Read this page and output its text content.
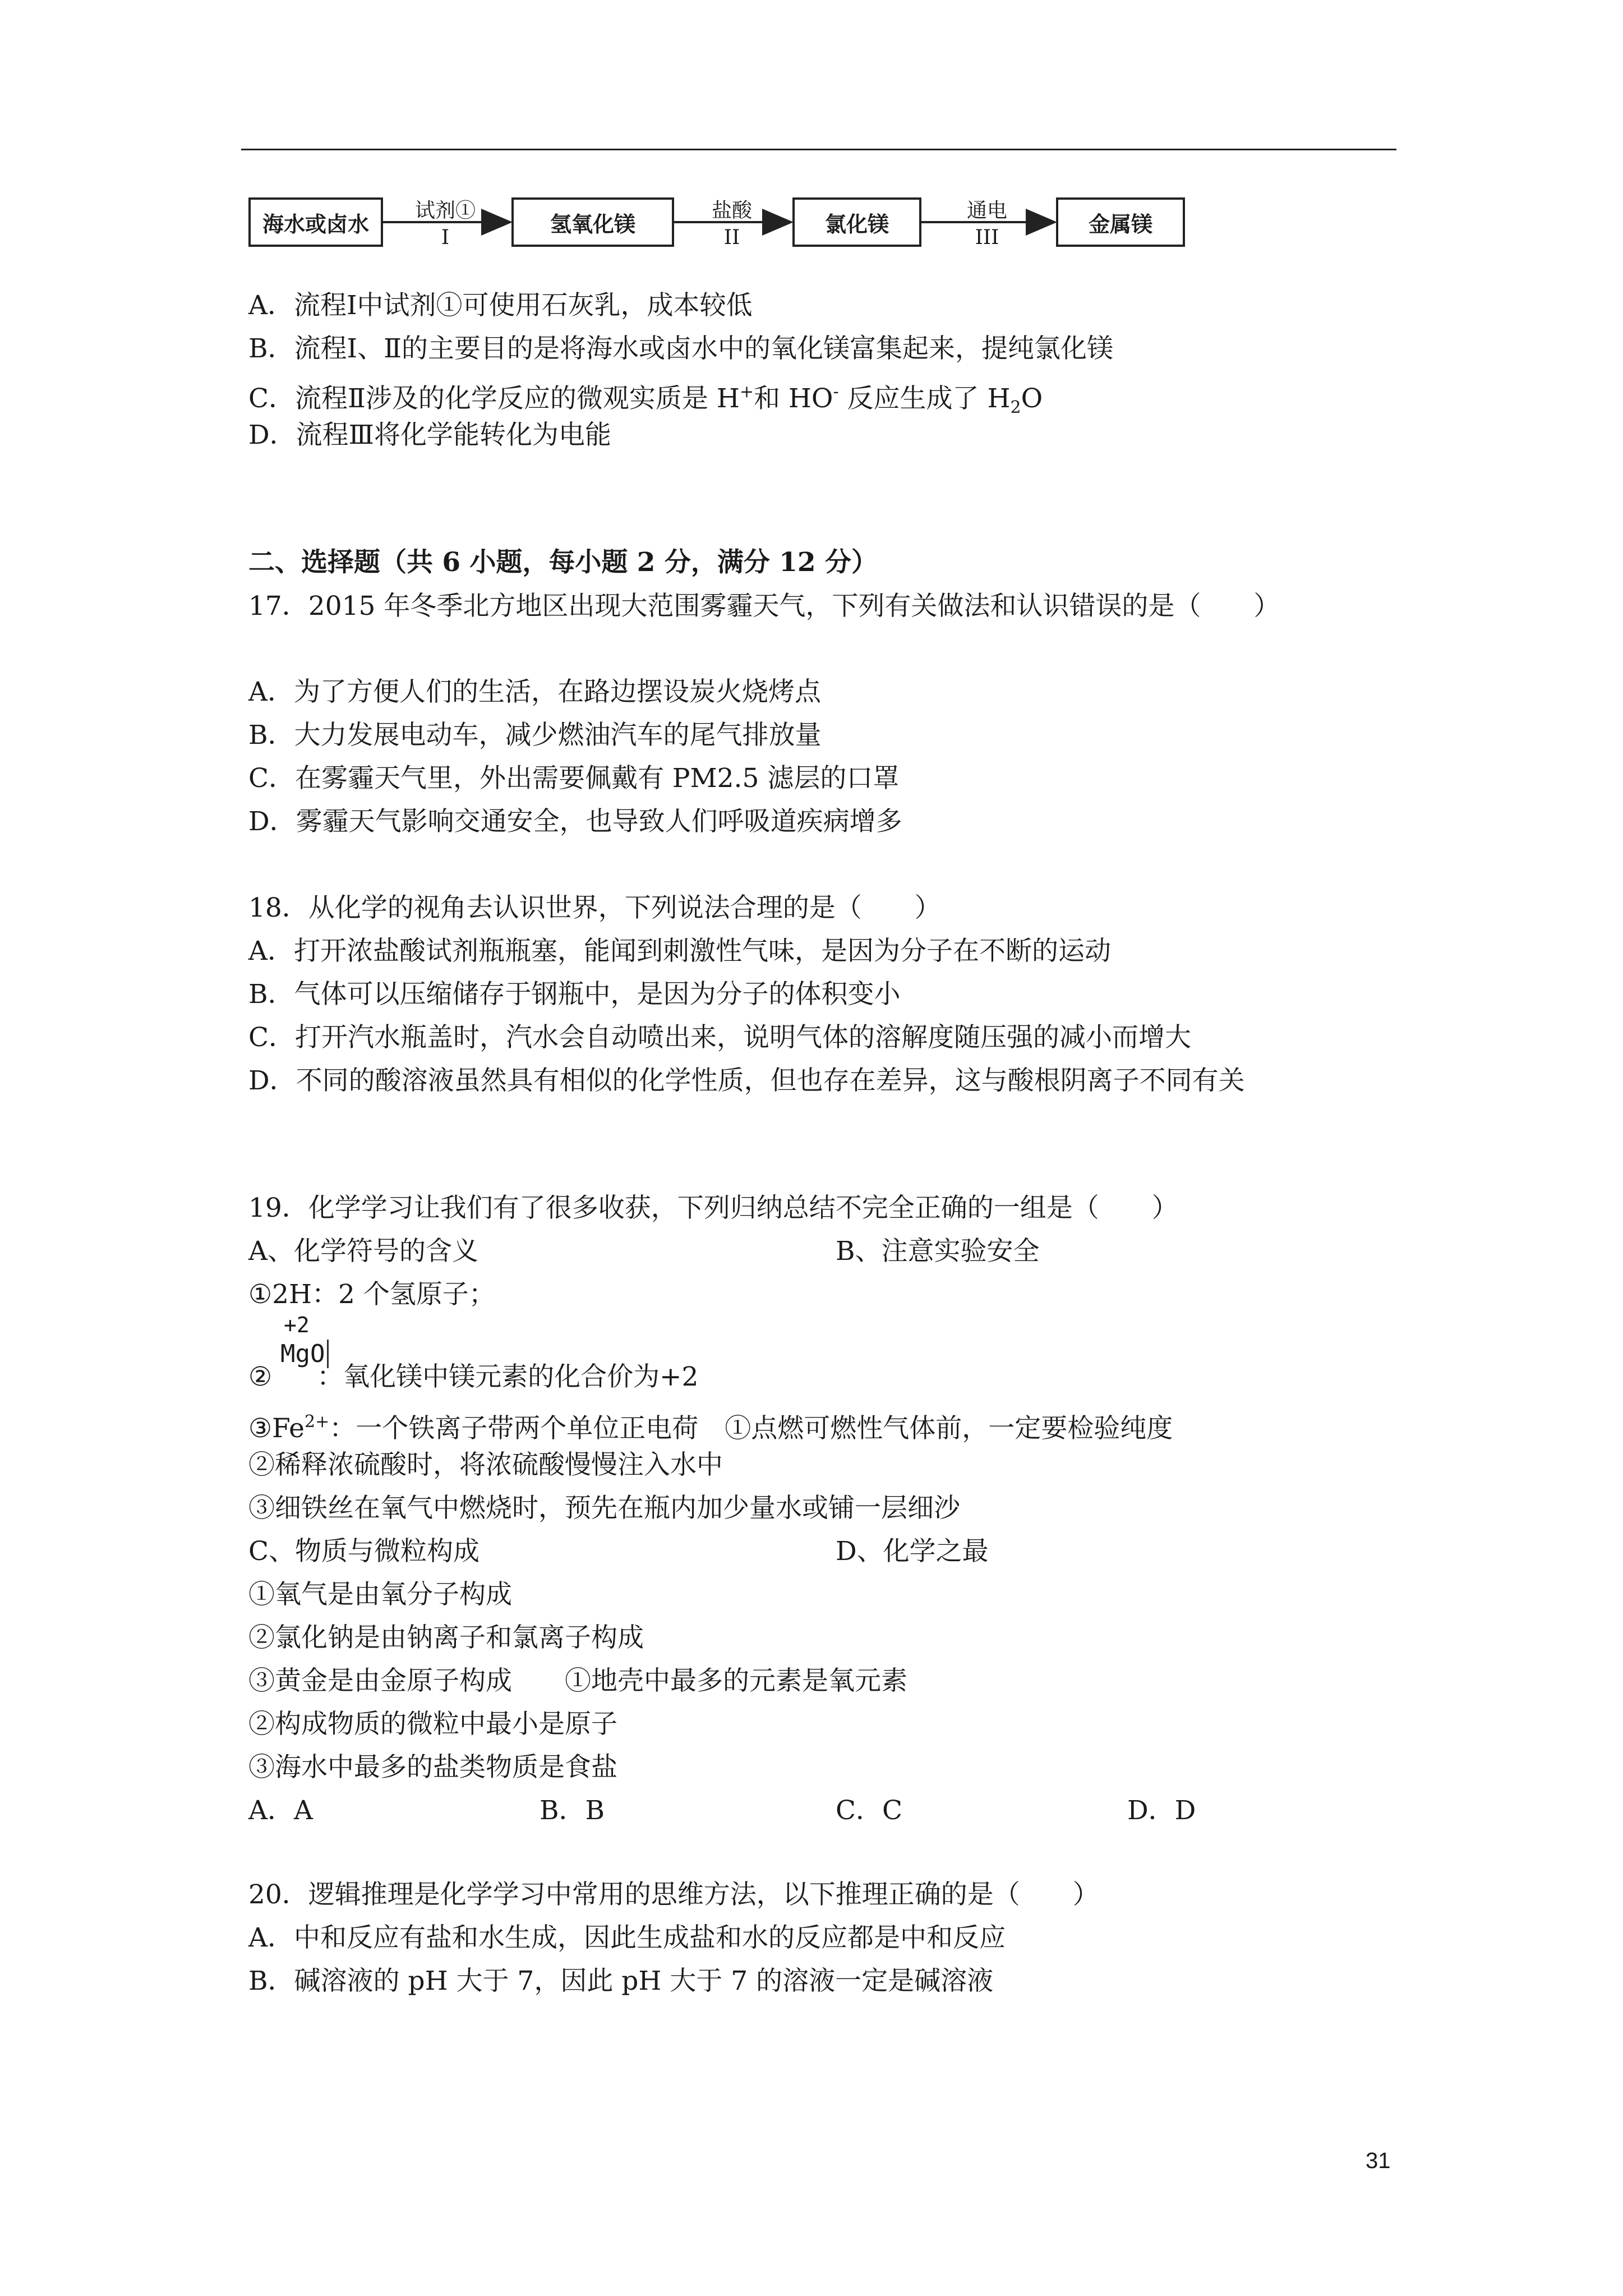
海水或卤水	氢氧化镁	氯化镁	金属镁
试剂①
I
盐酸
II
通电
III
A．流程Ⅰ中试剂①可使用石灰乳，成本较低
B．流程Ⅰ、Ⅱ的主要目的是将海水或卤水中的氧化镁富集起来，提纯氯化镁
C．流程Ⅱ涉及的化学反应的微观实质是 H+和 HO- 反应生成了 $H_2O$
D．流程Ⅲ将化学能转化为电能
二、选择题（共 6 小题，每小题 2 分，满分 12 分）
17．2015 年冬季北方地区出现大范围雾霾天气，下列有关做法和认识错误的是（　　）
A．为了方便人们的生活，在路边摆设炭火烧烤点
B．大力发展电动车，减少燃油汽车的尾气排放量
C．在雾霾天气里，外出需要佩戴有 PM2.5 滤层的口罩
D．雾霾天气影响交通安全，也导致人们呼吸道疾病增多
18．从化学的视角去认识世界，下列说法合理的是（　　）
A．打开浓盐酸试剂瓶瓶塞，能闻到刺激性气味，是因为分子在不断的运动
B．气体可以压缩储存于钢瓶中，是因为分子的体积变小
C．打开汽水瓶盖时，汽水会自动喷出来，说明气体的溶解度随压强的减小而增大
D．不同的酸溶液虽然具有相似的化学性质，但也存在差异，这与酸根阴离子不同有关
19．化学学习让我们有了很多收获，下列归纳总结不完全正确的一组是（　　）
A、化学符号的含义	B、注意实验安全
①2H：2 个氢原子；
② ：氧化镁中镁元素的化合价为+2
+2
MgO
$③Fe^{2+}$：一个铁离子带两个单位正电荷　①点燃可燃性气体前，一定要检验纯度
②稀释浓硫酸时，将浓硫酸慢慢注入水中
③细铁丝在氧气中燃烧时，预先在瓶内加少量水或铺一层细沙
C、物质与微粒构成	D、化学之最
①氧气是由氧分子构成
②氯化钠是由钠离子和氯离子构成
③黄金是由金原子构成　　①地壳中最多的元素是氧元素
②构成物质的微粒中最小是原子
③海水中最多的盐类物质是食盐
A．A	B．B	C．C	D．D
20．逻辑推理是化学学习中常用的思维方法，以下推理正确的是（　　）
A．中和反应有盐和水生成，因此生成盐和水的反应都是中和反应
B．碱溶液的 pH 大于 7，因此 pH 大于 7 的溶液一定是碱溶液
31
